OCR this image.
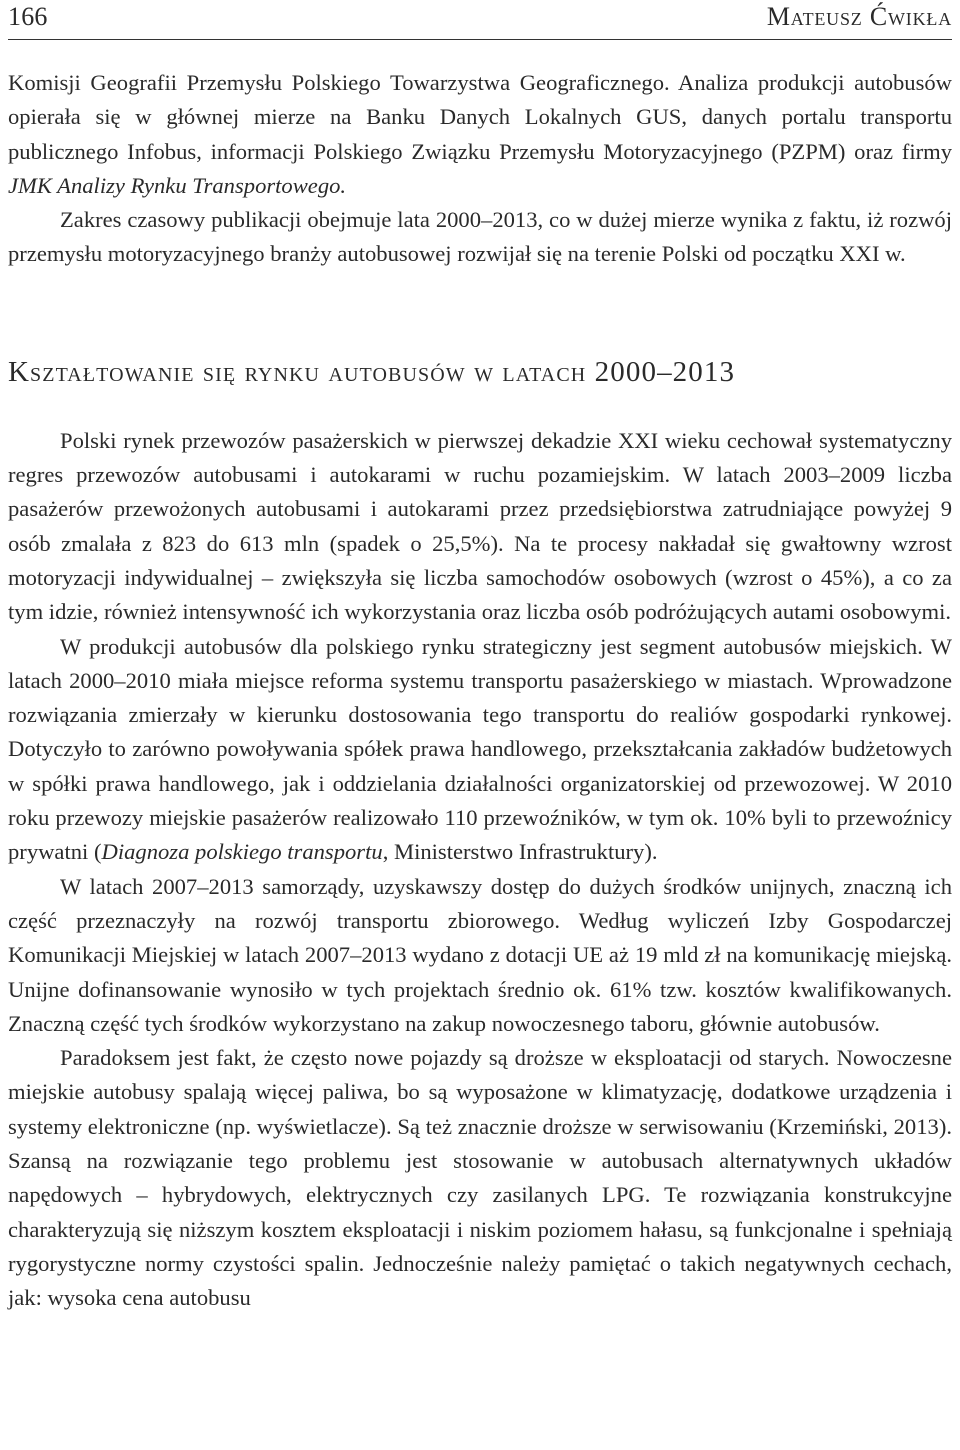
166	Mateusz Ćwikła

Komisji Geografii Przemysłu Polskiego Towarzystwa Geograficznego. Analiza produkcji autobusów opierała się w głównej mierze na Banku Danych Lokalnych GUS, danych portalu transportu publicznego Infobus, informacji Polskiego Związku Przemysłu Motoryzacyjnego (PZPM) oraz firmy JMK Analizy Rynku Transportowego.

Zakres czasowy publikacji obejmuje lata 2000–2013, co w dużej mierze wynika z faktu, iż rozwój przemysłu motoryzacyjnego branży autobusowej rozwijał się na terenie Polski od początku XXI w.

Kształtowanie się rynku autobusów w latach 2000–2013

Polski rynek przewozów pasażerskich w pierwszej dekadzie XXI wieku cechował systematyczny regres przewozów autobusami i autokarami w ruchu pozamiejskim. W latach 2003–2009 liczba pasażerów przewożonych autobusami i autokarami przez przedsiębiorstwa zatrudniające powyżej 9 osób zmalała z 823 do 613 mln (spadek o 25,5%). Na te procesy nakładał się gwałtowny wzrost motoryzacji indywidualnej – zwiększyła się liczba samochodów osobowych (wzrost o 45%), a co za tym idzie, również intensywność ich wykorzystania oraz liczba osób podróżujących autami osobowymi.

W produkcji autobusów dla polskiego rynku strategiczny jest segment autobusów miejskich. W latach 2000–2010 miała miejsce reforma systemu transportu pasażerskiego w miastach. Wprowadzone rozwiązania zmierzały w kierunku dostosowania tego transportu do realiów gospodarki rynkowej. Dotyczyło to zarówno powoływania spółek prawa handlowego, przekształcania zakładów budżetowych w spółki prawa handlowego, jak i oddzielania działalności organizatorskiej od przewozowej. W 2010 roku przewozy miejskie pasażerów realizowało 110 przewoźników, w tym ok. 10% byli to przewoźnicy prywatni (Diagnoza polskiego transportu, Ministerstwo Infrastruktury).

W latach 2007–2013 samorządy, uzyskawszy dostęp do dużych środków unijnych, znaczną ich część przeznaczyły na rozwój transportu zbiorowego. Według wyliczeń Izby Gospodarczej Komunikacji Miejskiej w latach 2007–2013 wydano z dotacji UE aż 19 mld zł na komunikację miejską. Unijne dofinansowanie wynosiło w tych projektach średnio ok. 61% tzw. kosztów kwalifikowanych. Znaczną część tych środków wykorzystano na zakup nowoczesnego taboru, głównie autobusów.

Paradoksem jest fakt, że często nowe pojazdy są droższe w eksploatacji od starych. Nowoczesne miejskie autobusy spalają więcej paliwa, bo są wyposażone w klimatyzację, dodatkowe urządzenia i systemy elektroniczne (np. wyświetlacze). Są też znacznie droższe w serwisowaniu (Krzemiński, 2013). Szansą na rozwiązanie tego problemu jest stosowanie w autobusach alternatywnych układów napędowych – hybrydowych, elektrycznych czy zasilanych LPG. Te rozwiązania konstrukcyjne charakteryzują się niższym kosztem eksploatacji i niskim poziomem hałasu, są funkcjonalne i spełniają rygorystyczne normy czystości spalin. Jednocześnie należy pamiętać o takich negatywnych cechach, jak: wysoka cena autobusu
